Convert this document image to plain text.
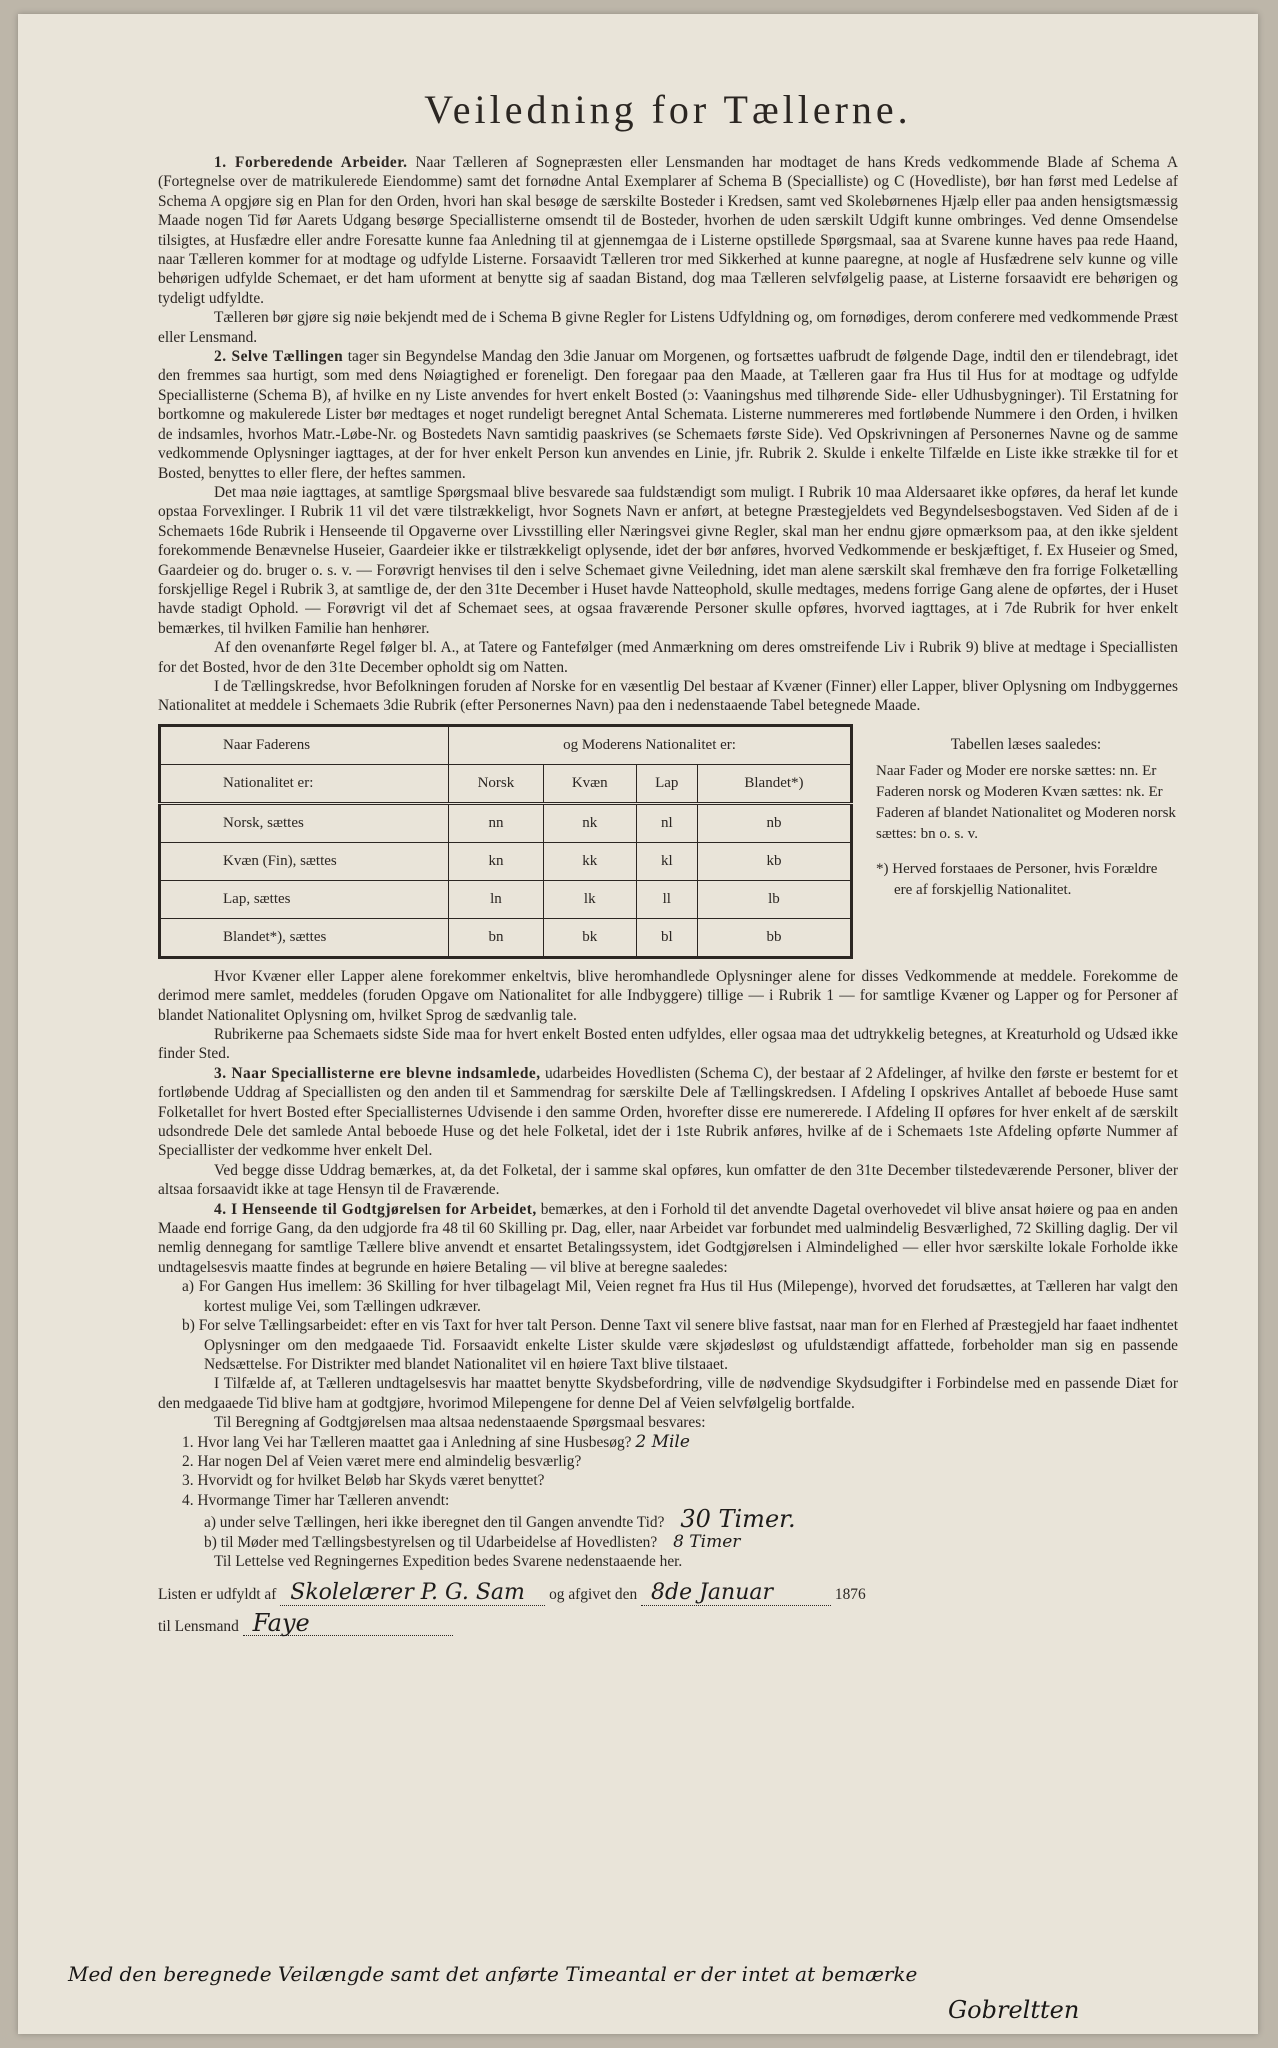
Veiledning for Tællerne.

1. Forberedende Arbeider. Naar Tælleren af Sognepræsten eller Lensmanden har modtaget de hans Kreds vedkommende Blade af Schema A (Fortegnelse over de matrikulerede Eiendomme) samt det fornødne Antal Exemplarer af Schema B (Specialliste) og C (Hovedliste), bør han først med Ledelse af Schema A opgjøre sig en Plan for den Orden, hvori han skal besøge de særskilte Bosteder i Kredsen, samt ved Skolebørnenes Hjælp eller paa anden hensigtsmæssig Maade nogen Tid før Aarets Udgang besørge Speciallisterne omsendt til de Bosteder, hvorhen de uden særskilt Udgift kunne ombringes. Ved denne Omsendelse tilsigtes, at Husfædre eller andre Foresatte kunne faa Anledning til at gjennemgaa de i Listerne opstillede Spørgsmaal, saa at Svarene kunne haves paa rede Haand, naar Tælleren kommer for at modtage og udfylde Listerne. Forsaavidt Tælleren tror med Sikkerhed at kunne paaregne, at nogle af Husfædrene selv kunne og ville behørigen udfylde Schemaet, er det ham uforment at benytte sig af saadan Bistand, dog maa Tælleren selvfølgelig paase, at Listerne forsaavidt ere behørigen og tydeligt udfyldte.

Tælleren bør gjøre sig nøie bekjendt med de i Schema B givne Regler for Listens Udfyldning og, om fornødiges, derom conferere med vedkommende Præst eller Lensmand.

2. Selve Tællingen tager sin Begyndelse Mandag den 3die Januar om Morgenen, og fortsættes uafbrudt de følgende Dage, indtil den er tilendebragt, idet den fremmes saa hurtigt, som med dens Nøiagtighed er foreneligt. Den foregaar paa den Maade, at Tælleren gaar fra Hus til Hus for at modtage og udfylde Speciallisterne (Schema B), af hvilke en ny Liste anvendes for hvert enkelt Bosted (ɔ: Vaaningshus med tilhørende Side- eller Udhusbygninger). Til Erstatning for bortkomne og makulerede Lister bør medtages et noget rundeligt beregnet Antal Schemata. Listerne nummereres med fortløbende Nummere i den Orden, i hvilken de indsamles, hvorhos Matr.-Løbe-Nr. og Bostedets Navn samtidig paaskrives (se Schemaets første Side). Ved Opskrivningen af Personernes Navne og de samme vedkommende Oplysninger iagttages, at der for hver enkelt Person kun anvendes en Linie, jfr. Rubrik 2. Skulde i enkelte Tilfælde en Liste ikke strække til for et Bosted, benyttes to eller flere, der heftes sammen.

Det maa nøie iagttages, at samtlige Spørgsmaal blive besvarede saa fuldstændigt som muligt. I Rubrik 10 maa Aldersaaret ikke opføres, da heraf let kunde opstaa Forvexlinger. I Rubrik 11 vil det være tilstrækkeligt, hvor Sognets Navn er anført, at betegne Præstegjeldets ved Begyndelsesbogstaven. Ved Siden af de i Schemaets 16de Rubrik i Henseende til Opgaverne over Livsstilling eller Næringsvei givne Regler, skal man her endnu gjøre opmærksom paa, at den ikke sjeldent forekommende Benævnelse Huseier, Gaardeier ikke er tilstrækkeligt oplysende, idet der bør anføres, hvorved Vedkommende er beskjæftiget, f. Ex Huseier og Smed, Gaardeier og do. bruger o. s. v. — Forøvrigt henvises til den i selve Schemaet givne Veiledning, idet man alene særskilt skal fremhæve den fra forrige Folketælling forskjellige Regel i Rubrik 3, at samtlige de, der den 31te December i Huset havde Natteophold, skulle medtages, medens forrige Gang alene de opførtes, der i Huset havde stadigt Ophold. — Forøvrigt vil det af Schemaet sees, at ogsaa fraværende Personer skulle opføres, hvorved iagttages, at i 7de Rubrik for hver enkelt bemærkes, til hvilken Familie han henhører.

Af den ovenanførte Regel følger bl. A., at Tatere og Fantefølger (med Anmærkning om deres omstreifende Liv i Rubrik 9) blive at medtage i Speciallisten for det Bosted, hvor de den 31te December opholdt sig om Natten.

I de Tællingskredse, hvor Befolkningen foruden af Norske for en væsentlig Del bestaar af Kvæner (Finner) eller Lapper, bliver Oplysning om Indbyggernes Nationalitet at meddele i Schemaets 3die Rubrik (efter Personernes Navn) paa den i nedenstaaende Tabel betegnede Maade.

Naar Faderens	og Moderens Nationalitet er:			
Nationalitet er:	Norsk	Kvæn	Lap	Blandet*)
Norsk, sættes	nn	nk	nl	nb
Kvæn (Fin), sættes	kn	kk	kl	kb
Lap, sættes	ln	lk	ll	lb
Blandet*), sættes	bn	bk	bl	bb
Tabellen læses saaledes:
Naar Fader og Moder ere norske sættes: nn. Er Faderen norsk og Moderen Kvæn sættes: nk. Er Faderen af blandet Nationalitet og Moderen norsk sættes: bn o. s. v.
*) Herved forstaaes de Personer, hvis Forældre ere af forskjellig Nationalitet.

Hvor Kvæner eller Lapper alene forekommer enkeltvis, blive heromhandlede Oplysninger alene for disses Vedkommende at meddele. Forekomme de derimod mere samlet, meddeles (foruden Opgave om Nationalitet for alle Indbyggere) tillige — i Rubrik 1 — for samtlige Kvæner og Lapper og for Personer af blandet Nationalitet Oplysning om, hvilket Sprog de sædvanlig tale.

Rubrikerne paa Schemaets sidste Side maa for hvert enkelt Bosted enten udfyldes, eller ogsaa maa det udtrykkelig betegnes, at Kreaturhold og Udsæd ikke finder Sted.

3. Naar Speciallisterne ere blevne indsamlede, udarbeides Hovedlisten (Schema C), der bestaar af 2 Afdelinger, af hvilke den første er bestemt for et fortløbende Uddrag af Speciallisten og den anden til et Sammendrag for særskilte Dele af Tællingskredsen. I Afdeling I opskrives Antallet af beboede Huse samt Folketallet for hvert Bosted efter Speciallisternes Udvisende i den samme Orden, hvorefter disse ere numererede. I Afdeling II opføres for hver enkelt af de særskilt udsondrede Dele det samlede Antal beboede Huse og det hele Folketal, idet der i 1ste Rubrik anføres, hvilke af de i Schemaets 1ste Afdeling opførte Nummer af Speciallister der vedkomme hver enkelt Del.

Ved begge disse Uddrag bemærkes, at, da det Folketal, der i samme skal opføres, kun omfatter de den 31te December tilstedeværende Personer, bliver der altsaa forsaavidt ikke at tage Hensyn til de Fraværende.

4. I Henseende til Godtgjørelsen for Arbeidet, bemærkes, at den i Forhold til det anvendte Dagetal overhovedet vil blive ansat høiere og paa en anden Maade end forrige Gang, da den udgjorde fra 48 til 60 Skilling pr. Dag, eller, naar Arbeidet var forbundet med ualmindelig Besværlighed, 72 Skilling daglig. Der vil nemlig dennegang for samtlige Tællere blive anvendt et ensartet Betalingssystem, idet Godtgjørelsen i Almindelighed — eller hvor særskilte lokale Forholde ikke undtagelsesvis maatte findes at begrunde en høiere Betaling — vil blive at beregne saaledes:

a) For Gangen Hus imellem: 36 Skilling for hver tilbagelagt Mil, Veien regnet fra Hus til Hus (Milepenge), hvorved det forudsættes, at Tælleren har valgt den kortest mulige Vei, som Tællingen udkræver.

b) For selve Tællingsarbeidet: efter en vis Taxt for hver talt Person. Denne Taxt vil senere blive fastsat, naar man for en Flerhed af Præstegjeld har faaet indhentet Oplysninger om den medgaaede Tid. Forsaavidt enkelte Lister skulde være skjødesløst og ufuldstændigt affattede, forbeholder man sig en passende Nedsættelse. For Distrikter med blandet Nationalitet vil en høiere Taxt blive tilstaaet.

I Tilfælde af, at Tælleren undtagelsesvis har maattet benytte Skydsbefordring, ville de nødvendige Skydsudgifter i Forbindelse med en passende Diæt for den medgaaede Tid blive ham at godtgjøre, hvorimod Milepengene for denne Del af Veien selvfølgelig bortfalde.

Til Beregning af Godtgjørelsen maa altsaa nedenstaaende Spørgsmaal besvares:

1. Hvor lang Vei har Tælleren maattet gaa i Anledning af sine Husbesøg? 2 Mile

2. Har nogen Del af Veien været mere end almindelig besværlig?

3. Hvorvidt og for hvilket Beløb har Skyds været benyttet?

4. Hvormange Timer har Tælleren anvendt:

a) under selve Tællingen, heri ikke iberegnet den til Gangen anvendte Tid? 30 Timer.

b) til Møder med Tællingsbestyrelsen og til Udarbeidelse af Hovedlisten? 8 Timer

Til Lettelse ved Regningernes Expedition bedes Svarene nedenstaaende her.

Listen er udfyldt af Skolelærer P. G. Sam og afgivet den 8de Januar	1876
til Lensmand Faye
Med den beregnede Veilængde samt det anførte Timeantal er der intet at bemærke
Gobreltten
